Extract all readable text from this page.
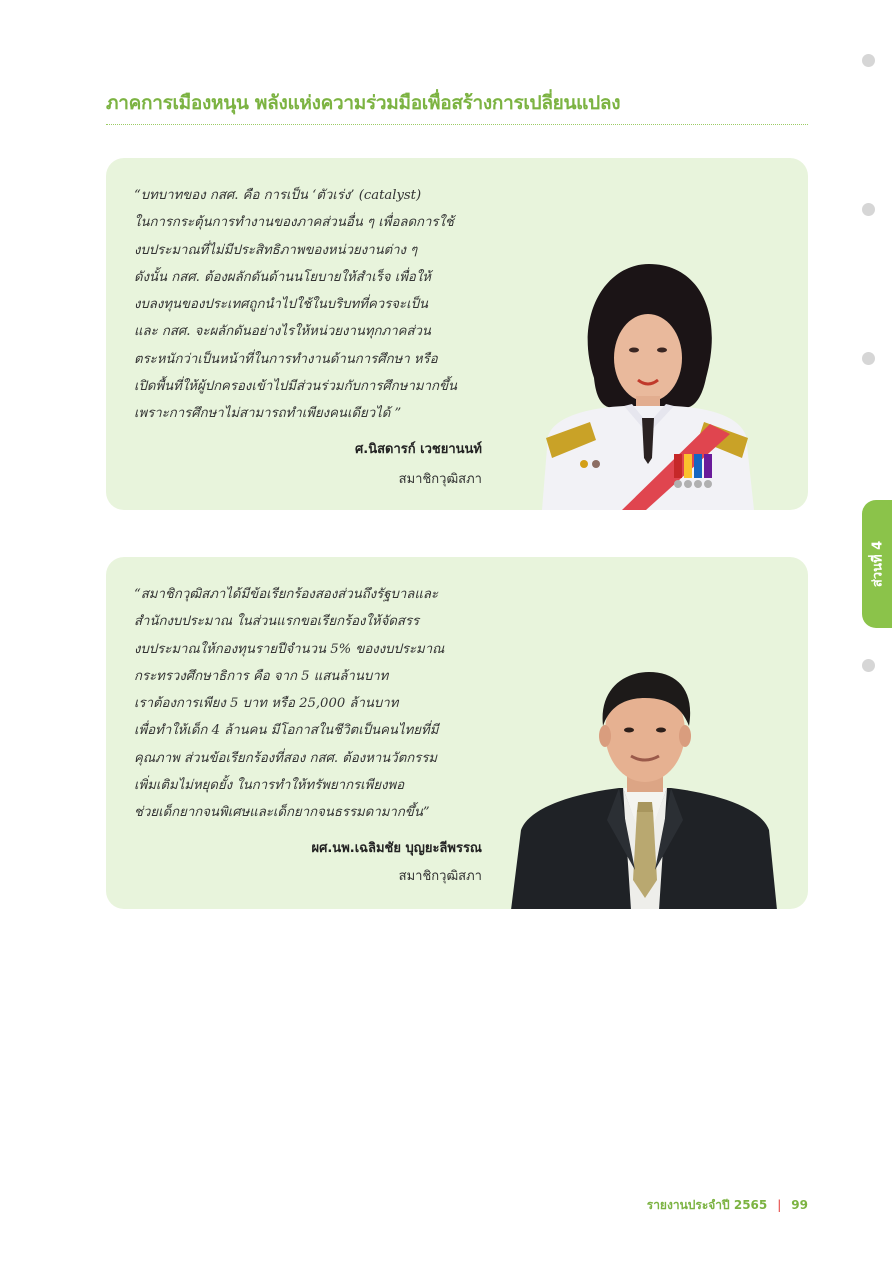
ภาคการเมืองหนุน พลังแห่งความร่วมมือเพื่อสร้างการเปลี่ยนแปลง
“บทบาทของ กสศ. คือ การเป็น ‘ตัวเร่ง’ (catalyst)
ในการกระตุ้นการทำงานของภาคส่วนอื่น ๆ เพื่อลดการใช้
งบประมาณที่ไม่มีประสิทธิภาพของหน่วยงานต่าง ๆ
ดังนั้น กสศ. ต้องผลักดันด้านนโยบายให้สำเร็จ เพื่อให้
งบลงทุนของประเทศถูกนำไปใช้ในบริบทที่ควรจะเป็น
และ กสศ. จะผลักดันอย่างไรให้หน่วยงานทุกภาคส่วน
ตระหนักว่าเป็นหน้าที่ในการทำงานด้านการศึกษา หรือ
เปิดพื้นที่ให้ผู้ปกครองเข้าไปมีส่วนร่วมกับการศึกษามากขึ้น
เพราะการศึกษาไม่สามารถทำเพียงคนเดียวได้ ”
ศ.นิสดารก์ เวชยานนท์
สมาชิกวุฒิสภา
“สมาชิกวุฒิสภาได้มีข้อเรียกร้องสองส่วนถึงรัฐบาลและ
สำนักงบประมาณ ในส่วนแรกขอเรียกร้องให้จัดสรร
งบประมาณให้กองทุนรายปีจำนวน 5% ของงบประมาณ
กระทรวงศึกษาธิการ คือ จาก 5 แสนล้านบาท
เราต้องการเพียง 5 บาท หรือ 25,000 ล้านบาท
เพื่อทำให้เด็ก 4 ล้านคน มีโอกาสในชีวิตเป็นคนไทยที่มี
คุณภาพ ส่วนข้อเรียกร้องที่สอง กสศ. ต้องหานวัตกรรม
เพิ่มเติมไม่หยุดยั้ง ในการทำให้ทรัพยากรเพียงพอ
ช่วยเด็กยากจนพิเศษและเด็กยากจนธรรมดามากขึ้น”
ผศ.นพ.เฉลิมชัย บุญยะลีพรรณ
สมาชิกวุฒิสภา
ส่วนที่ 4
รายงานประจำปี 2565 | 99
